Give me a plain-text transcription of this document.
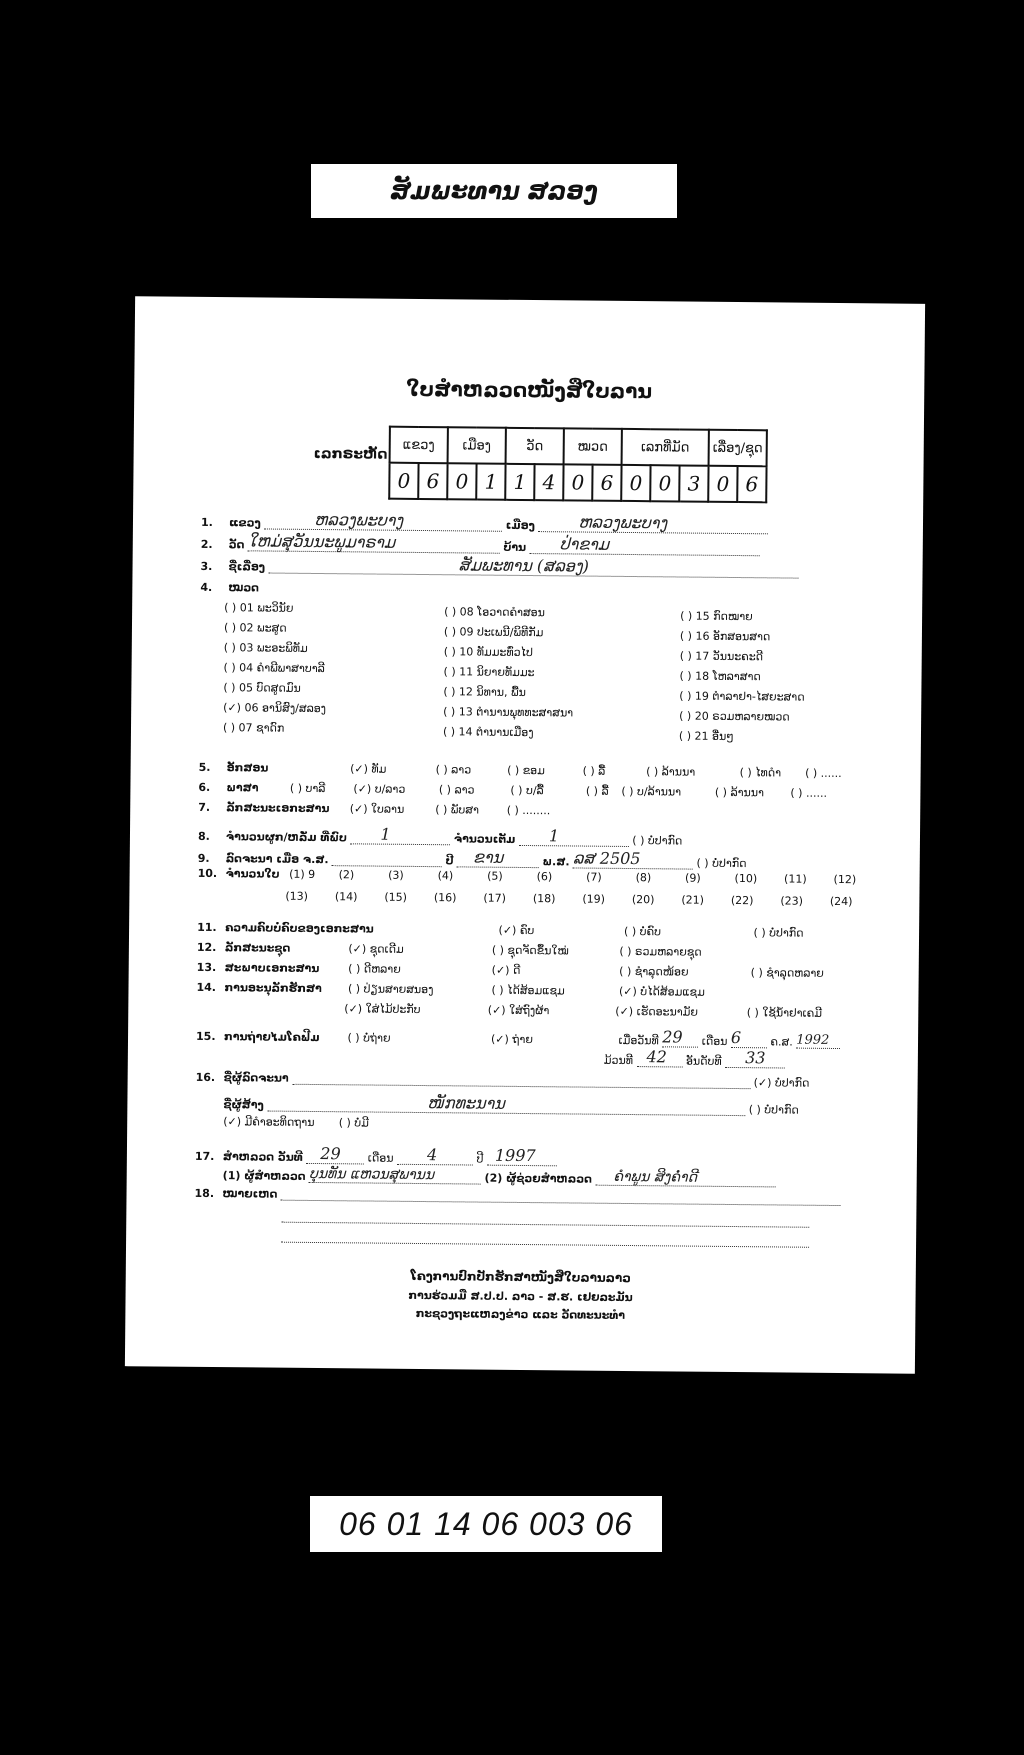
ສັມພະທານ ສລອງ
ໃບສຳຫລວດໜັງສືໃບລານ
ເລກຣະຫັດ
ແຂວງ		ເມືອງ		ວັດ		ໝວດ		ເລກທີ່ມັດ			ເລື່ອງ/ຊຸດ	
0	6	0	1	1	4	0	6	0	0	3	0	6
1. ແຂວງ	ຫລວງພະບາງ	ເມືອງ	ຫລວງພະບາງ
2. ວັດ ໃຫມ່ສຸວັນນະພູມາຣາມ	ບ້ານ ປ່າຂາມ
3. ຊື່ເລື່ອງ	ສັມພະທານ (ສລອງ)
4. ໝວດ
( ) 01 ພະວິນັຍ
( ) 02 ພະສູດ
( ) 03 ພະອະພິທັມ
( ) 04 ຄຳພີພາສາບາລີ
( ) 05 ບົດສູດມົນ
(✓) 06 ອານິສົງ/ສລອງ
( ) 07 ຊາດົກ
( ) 08 ໂອວາດຄຳສອນ
( ) 09 ປະເພນີ/ພິທີກັມ
( ) 10 ທັມມະທົ່ວໄປ
( ) 11 ນິຍາຍທັມມະ
( ) 12 ນິທານ, ພື້ນ
( ) 13 ຕຳນານພຸທທະສາສນາ
( ) 14 ຕຳນານເມືອງ
( ) 15 ກົດໝາຍ
( ) 16 ອັກສອນສາດ
( ) 17 ວັນນະຄະດີ
( ) 18 ໂຫລາສາດ
( ) 19 ຕຳລາຢາ-ໄສຍະສາດ
( ) 20 ຣວມຫລາຍໝວດ
( ) 21 ອື່ນໆ
5. ອັກສອນ	(✓) ທັມ	( ) ລາວ	( ) ຂອມ	( ) ລື້	( ) ລ້ານນາ	( ) ໄທດຳ ( ) ......
6. ພາສາ	( ) ບາລີ	(✓) ບ/ລາວ	( ) ລາວ	( ) ບ/ລື້	( ) ລື້ ( ) ບ/ລ້ານນາ	( ) ລ້ານນາ ( ) ......
7. ລັກສະນະເອກະສານ (✓) ໃບລານ	( ) ພັບສາ	( ) ........
8. ຈຳນວນຜູກ/ຫລັ່ມ ທີ່ພົບ 1	ຈຳນວນເຕັມ 1	( ) ບໍ່ປາກົດ
9. ລົດຈະນາ ເມື່ອ ຈ.ສ.	ປີ ຂານ	ພ.ສ. ລສ 2505	( ) ບໍ່ປາກົດ
10. ຈຳນວນໃບ (1) 9 (2)	(3)	(4)	(5)	(6)	(7)	(8)	(9)	(10) (11) (12)
(13) (14) (15) (16) (17) (18) (19) (20) (21) (22) (23) (24)
11. ຄວາມຄົບບໍ່ຄົບຂອງເອກະສານ	(✓) ຄົບ	( ) ບໍ່ຄົບ	( ) ບໍ່ປາກົດ
12. ລັກສະນະຊຸດ	(✓) ຊຸດເດີມ	( ) ຊຸດຈັດຂຶ້ນໃໝ່	( ) ຣວມຫລາຍຊຸດ
13. ສະພາບເອກະສານ	( ) ດີຫລາຍ	(✓) ດີ	( ) ຊຳລຸດໜ້ອຍ	( ) ຊຳລຸດຫລາຍ
14. ການອະນຸລັກຮັກສາ ( ) ປ່ຽນສາຍສນອງ	( ) ໄດ້ສ້ອມແຊມ	(✓) ບໍ່ໄດ້ສ້ອມແຊມ
(✓) ໃສ່ໄມ້ປະກັບ	(✓) ໃສ່ຖົງຜ້າ	(✓) ເຮັດອະນາມັຍ	( ) ໃຊ້ນ້ຳຢາເຄມີ
15. ການຖ່າຍໄມໂຄຟີມ	( ) ບໍ່ຖ່າຍ	(✓) ຖ່າຍ	ເມື່ອວັນທີ 29 ເດືອນ 6	ຄ.ສ. 1992
ມ້ວນທີ 42 ອັນດັບທີ 33
16. ຊື່ຜູ້ລົດຈະນາ	(✓) ບໍ່ປາກົດ
ຊື່ຜູ້ສ້າງ	ໜັກທະນານ	( ) ບໍ່ປາກົດ
(✓) ມີຄຳອະທິດຖານ ( ) ບໍ່ມີ
17. ສຳຫລວດ ວັນທີ 29 ເດືອນ 4	ປີ 1997
(1) ຜູ້ສຳຫລວດ ບຸນທັນ ແຫວນສຸພານນ	(2) ຜູ້ຊ່ວຍສຳຫລວດ ຄຳພູນ ສິງຄໍ່າດີ
18. ໝາຍເຫດ
ໂຄງການປົກປັກຮັກສາໜັງສືໃບລານລາວ
ການຮ່ວມມື ສ.ປ.ປ. ລາວ - ສ.ຮ. ເຢຍລະມັນ
ກະຊວງຖະແຫລງຂ່າວ ແລະ ວັດທະນະທຳ
06 01 14 06 003 06
